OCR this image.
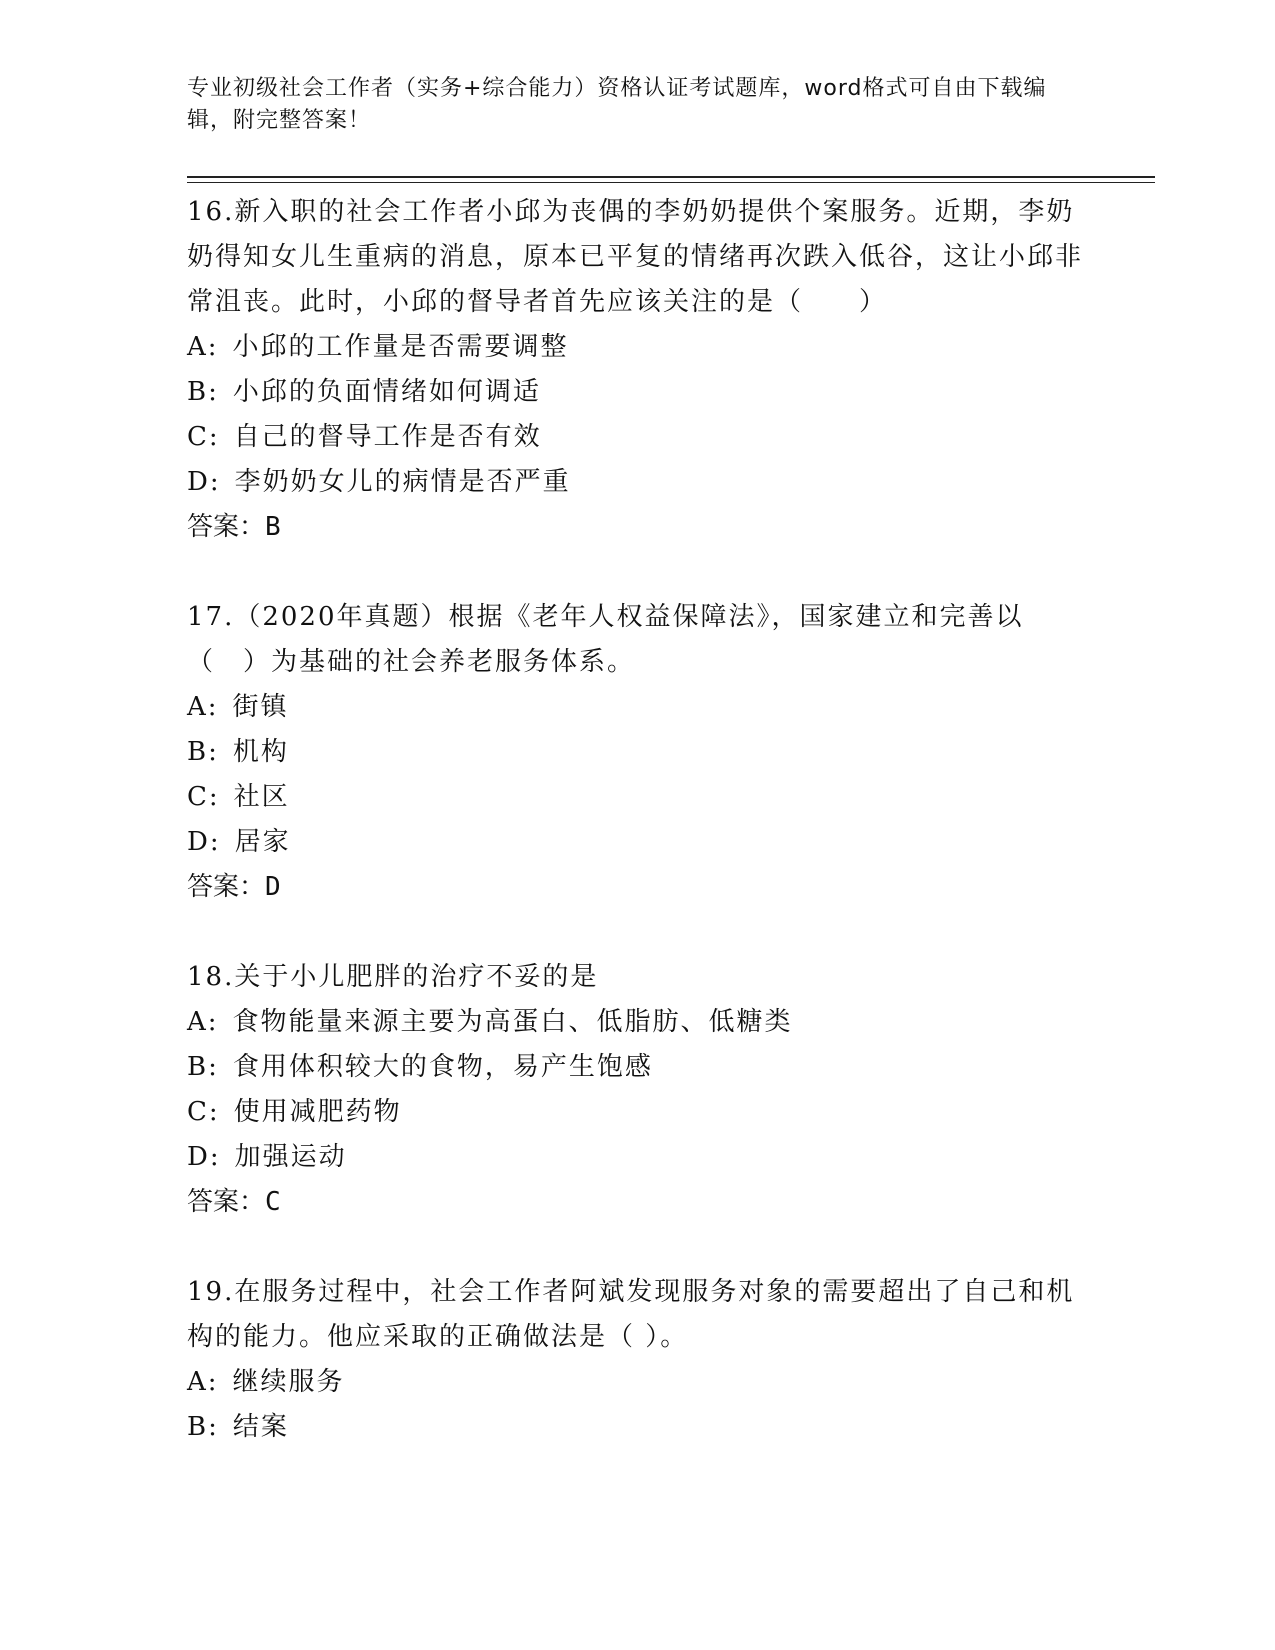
专业初级社会工作者（实务+综合能力）资格认证考试题库，word格式可自由下载编辑，附完整答案！

16.新入职的社会工作者小邱为丧偶的李奶奶提供个案服务。近期，李奶奶得知女儿生重病的消息，原本已平复的情绪再次跌入低谷，这让小邱非常沮丧。此时，小邱的督导者首先应该关注的是（　　）

A: 小邱的工作量是否需要调整
B: 小邱的负面情绪如何调适
C: 自己的督导工作是否有效
D: 李奶奶女儿的病情是否严重
答案：B

17.（2020年真题）根据《老年人权益保障法》，国家建立和完善以（　）为基础的社会养老服务体系。

A: 街镇
B: 机构
C: 社区
D: 居家
答案：D

18.关于小儿肥胖的治疗不妥的是

A: 食物能量来源主要为高蛋白、低脂肪、低糖类
B: 食用体积较大的食物，易产生饱感
C: 使用减肥药物
D: 加强运动
答案：C

19.在服务过程中，社会工作者阿斌发现服务对象的需要超出了自己和机构的能力。他应采取的正确做法是（ ）。

A: 继续服务
B: 结案
